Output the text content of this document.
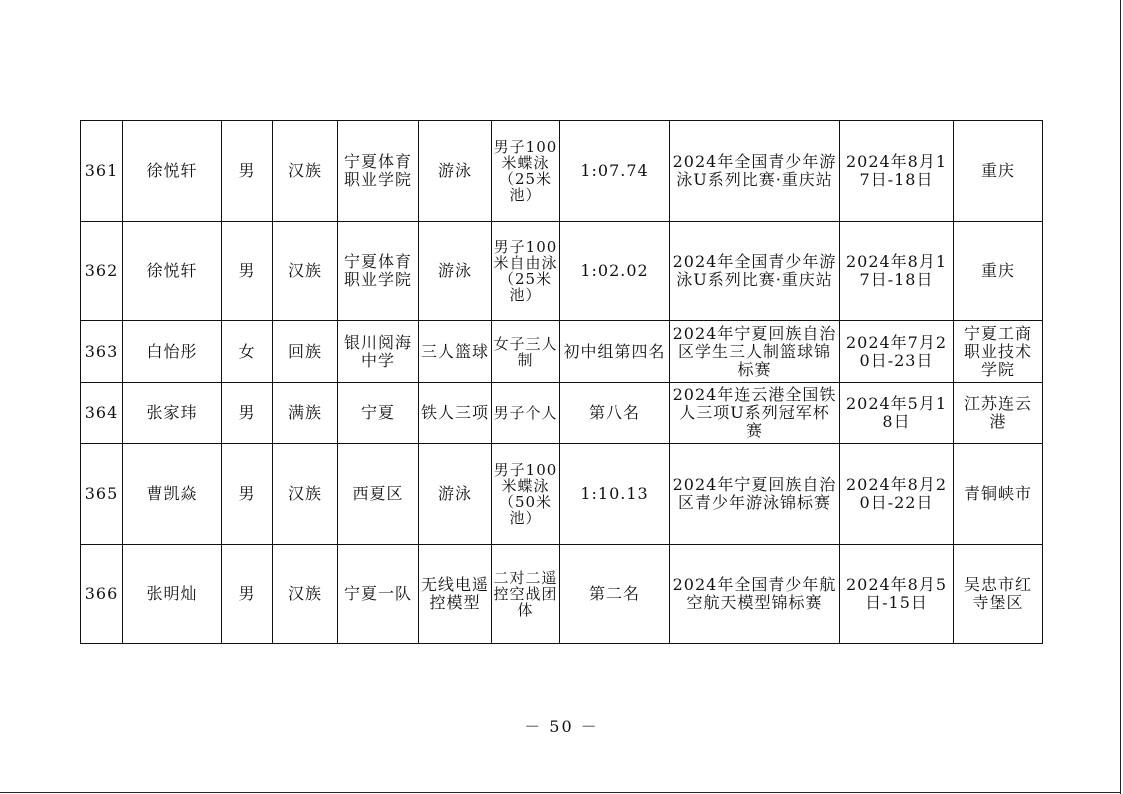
361	徐悦轩	男	汉族	宁夏体育职业学院	游泳	男子100米蝶泳（25米池）	1:07.74	2024年全国青少年游泳U系列比赛·重庆站	2024年8月17日-18日	重庆
362	徐悦轩	男	汉族	宁夏体育职业学院	游泳	男子100米自由泳（25米池）	1:02.02	2024年全国青少年游泳U系列比赛·重庆站	2024年8月17日-18日	重庆
363	白怡彤	女	回族	银川阅海中学	三人篮球	女子三人制	初中组第四名	2024年宁夏回族自治区学生三人制篮球锦标赛	2024年7月20日-23日	宁夏工商职业技术学院
364	张家玮	男	满族	宁夏	铁人三项	男子个人	第八名	2024年连云港全国铁人三项U系列冠军杯赛	2024年5月18日	江苏连云港
365	曹凯焱	男	汉族	西夏区	游泳	男子100米蝶泳（50米池）	1:10.13	2024年宁夏回族自治区青少年游泳锦标赛	2024年8月20日-22日	青铜峡市
366	张明灿	男	汉族	宁夏一队	无线电遥控模型	二对二遥控空战团体	第二名	2024年全国青少年航空航天模型锦标赛	2024年8月5日-15日	吴忠市红寺堡区
－ 50 －
